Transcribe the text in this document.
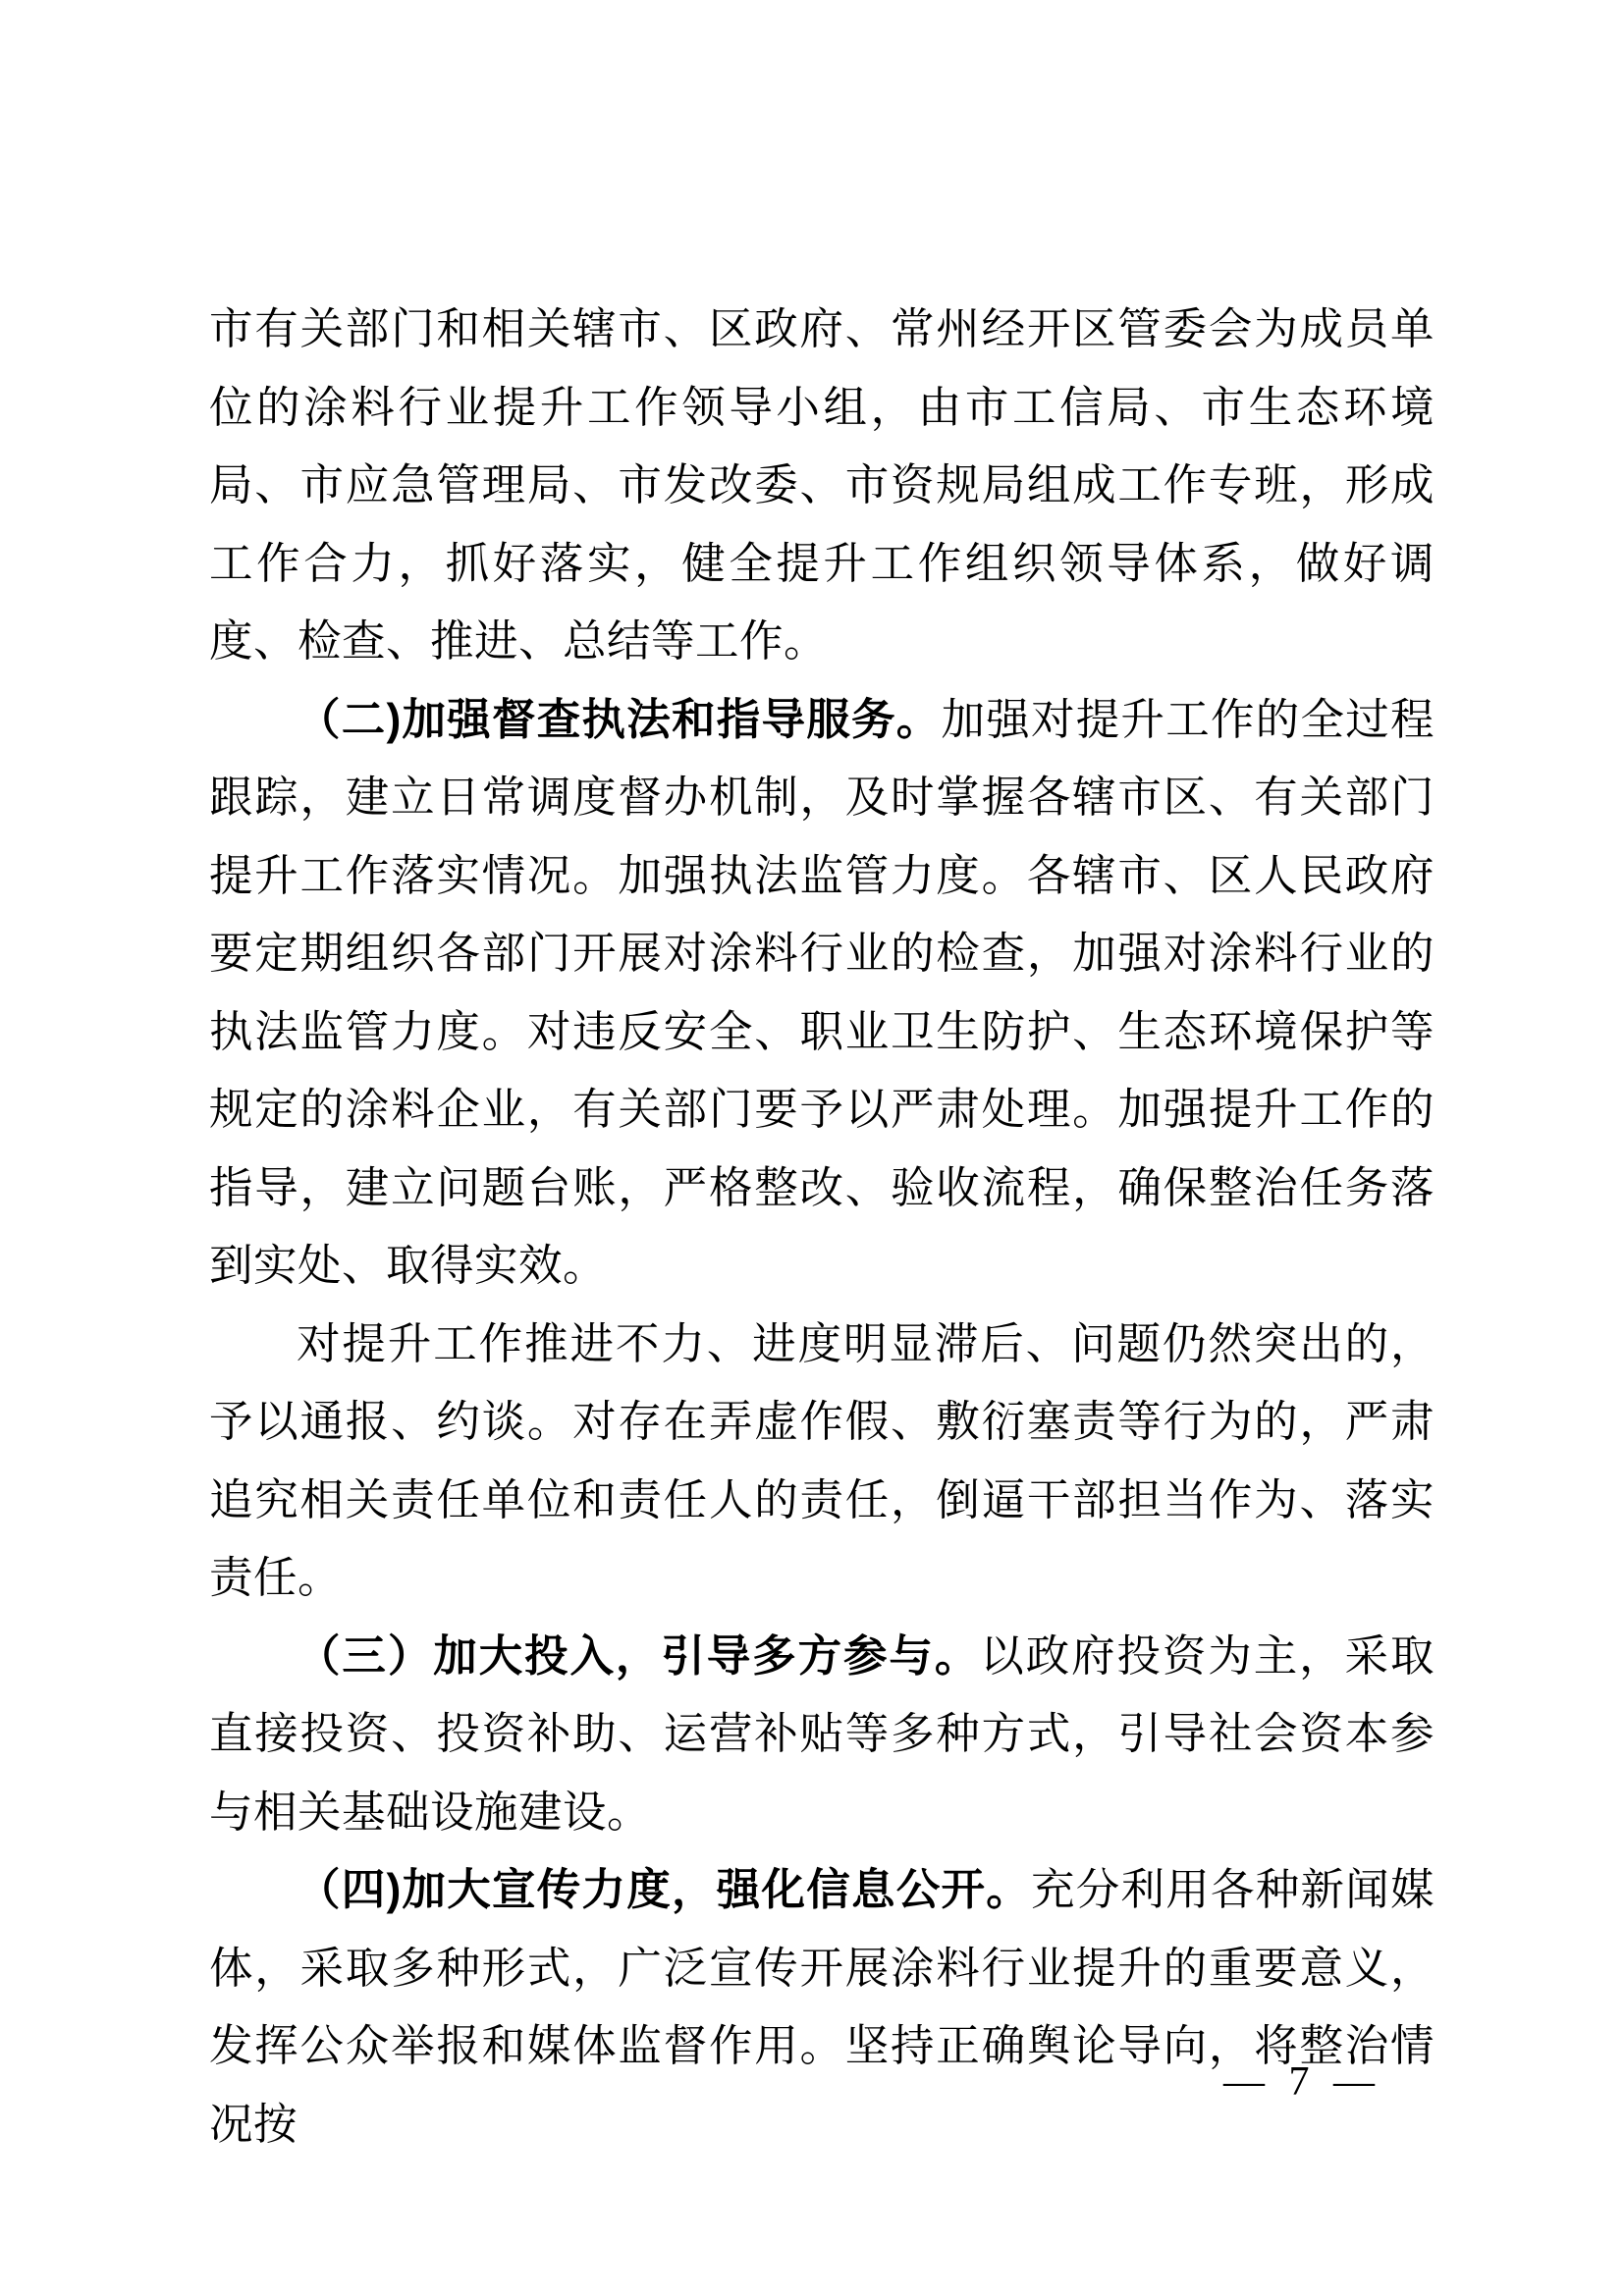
市有关部门和相关辖市、区政府、常州经开区管委会为成员单位的涂料行业提升工作领导小组，由市工信局、市生态环境局、市应急管理局、市发改委、市资规局组成工作专班，形成工作合力，抓好落实，健全提升工作组织领导体系，做好调度、检查、推进、总结等工作。

（二)加强督查执法和指导服务。加强对提升工作的全过程跟踪，建立日常调度督办机制，及时掌握各辖市区、有关部门提升工作落实情况。加强执法监管力度。各辖市、区人民政府要定期组织各部门开展对涂料行业的检查，加强对涂料行业的执法监管力度。对违反安全、职业卫生防护、生态环境保护等规定的涂料企业，有关部门要予以严肃处理。加强提升工作的指导，建立问题台账，严格整改、验收流程，确保整治任务落到实处、取得实效。

对提升工作推进不力、进度明显滞后、问题仍然突出的，予以通报、约谈。对存在弄虚作假、敷衍塞责等行为的，严肃追究相关责任单位和责任人的责任，倒逼干部担当作为、落实责任。

（三）加大投入，引导多方参与。以政府投资为主，采取直接投资、投资补助、运营补贴等多种方式，引导社会资本参与相关基础设施建设。

（四)加大宣传力度，强化信息公开。充分利用各种新闻媒体，采取多种形式，广泛宣传开展涂料行业提升的重要意义，发挥公众举报和媒体监督作用。坚持正确舆论导向，将整治情况按

— 7 —
